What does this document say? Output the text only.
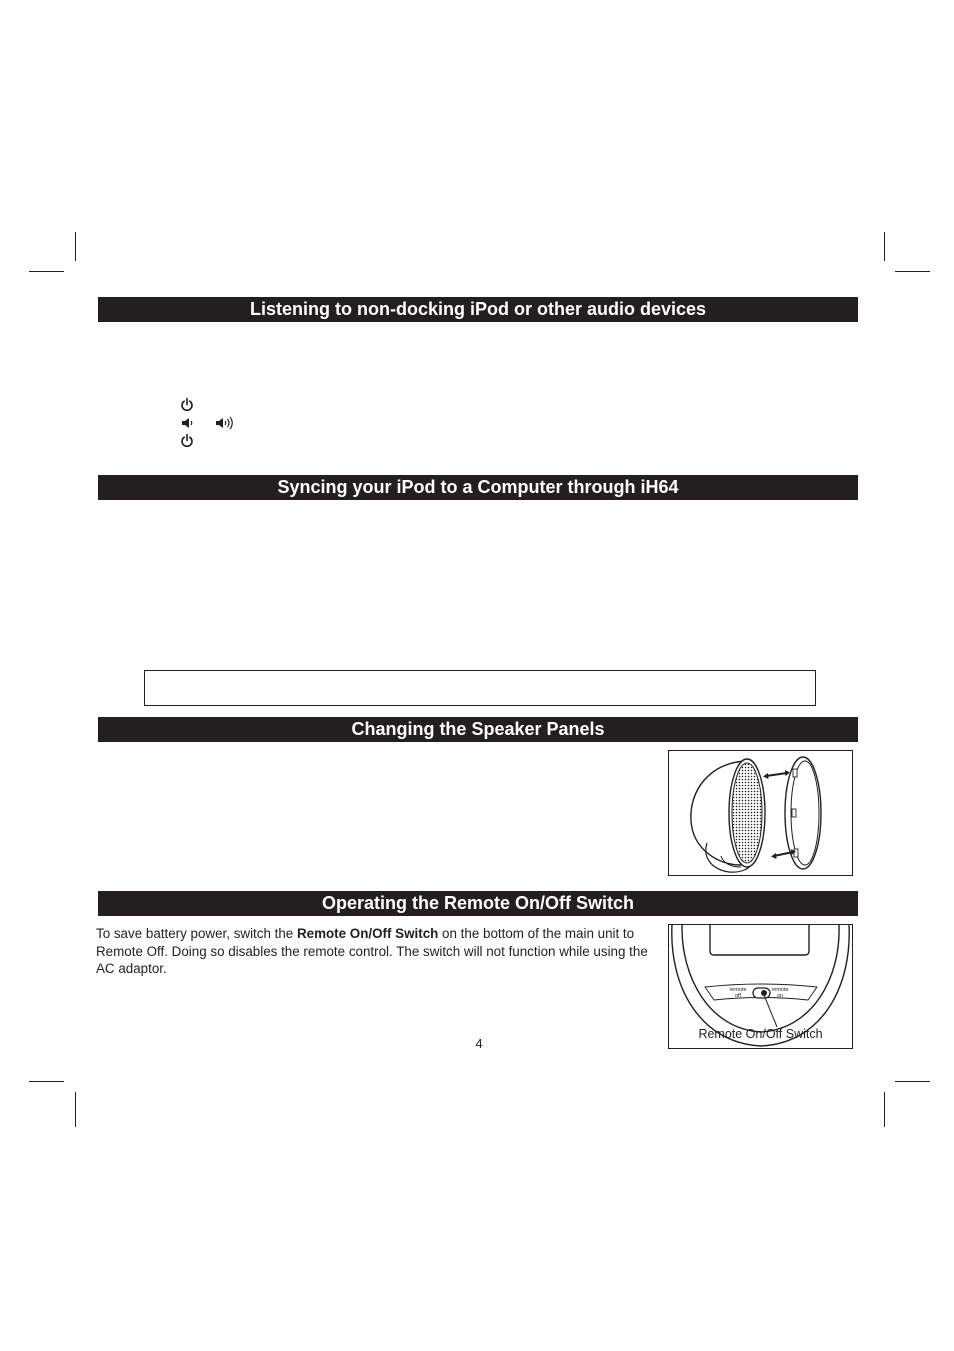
Listening to non-docking iPod or other audio devices
Syncing your iPod to a Computer through iH64
Changing the Speaker Panels
Operating the Remote On/Off Switch
To save battery power, switch the Remote On/Off Switch on the bottom of the main unit to Remote Off. Doing so disables the remote control. The switch will not function while using the AC adaptor.
remote
off
remote
on
Remote On/Off Switch
4
